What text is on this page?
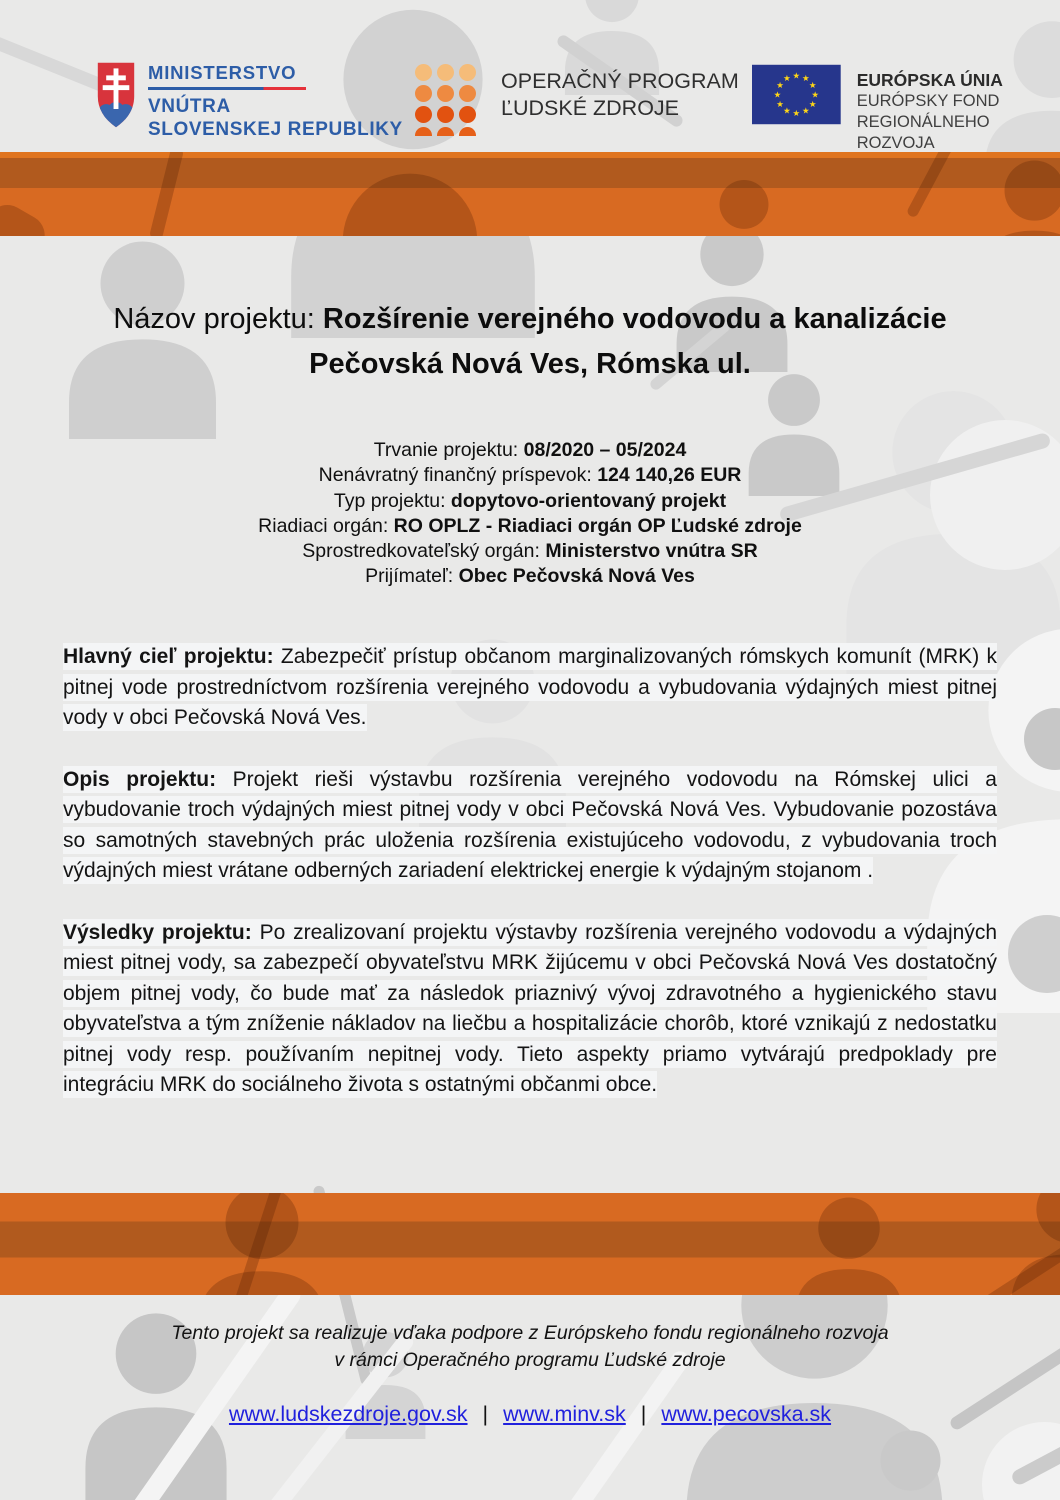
MINISTERSTVO
VNÚTRA
SLOVENSKEJ REPUBLIKY
OPERAČNÝ PROGRAM
ĽUDSKÉ ZDROJE
★ ★
★
★
★
★
★
★
★
★
★
★	EURÓPSKA ÚNIA
EURÓPSKY FOND
REGIONÁLNEHO ROZVOJA
Názov projektu: Rozšírenie verejného vodovodu a kanalizácie
Pečovská Nová Ves, Rómska ul.
Trvanie projektu: 08/2020 – 05/2024
Nenávratný finančný príspevok: 124 140,26 EUR
Typ projektu: dopytovo-orientovaný projekt
Riadiaci orgán: RO OPLZ - Riadiaci orgán OP Ľudské zdroje
Sprostredkovateľský orgán: Ministerstvo vnútra SR
Prijímateľ: Obec Pečovská Nová Ves

Hlavný cieľ projektu: Zabezpečiť prístup občanom marginalizovaných rómskych komunít (MRK) k pitnej vode prostredníctvom rozšírenia verejného vodovodu a vybudovania výdajných miest pitnej vody v obci Pečovská Nová Ves.

Opis projektu: Projekt rieši výstavbu rozšírenia verejného vodovodu na Rómskej ulici a vybudovanie troch výdajných miest pitnej vody v obci Pečovská Nová Ves. Vybudovanie pozostáva so samotných stavebných prác uloženia rozšírenia existujúceho vodovodu, z vybudovania troch výdajných miest vrátane odberných zariadení elektrickej energie k výdajným stojanom .

Výsledky projektu: Po zrealizovaní projektu výstavby rozšírenia verejného vodovodu a výdajných miest pitnej vody, sa zabezpečí obyvateľstvu MRK žijúcemu v obci Pečovská Nová Ves dostatočný objem pitnej vody, čo bude mať za následok priaznivý vývoj zdravotného a hygienického stavu obyvateľstva a tým zníženie nákladov na liečbu a hospitalizácie chorôb, ktoré vznikajú z nedostatku pitnej vody resp. používaním nepitnej vody. Tieto aspekty priamo vytvárajú predpoklady pre integráciu MRK do sociálneho života s ostatnými občanmi obce.

Tento projekt sa realizuje vďaka podpore z Európskeho fondu regionálneho rozvoja
v rámci Operačného programu Ľudské zdroje
www.ludskezdroje.gov.sk | www.minv.sk | www.pecovska.sk
